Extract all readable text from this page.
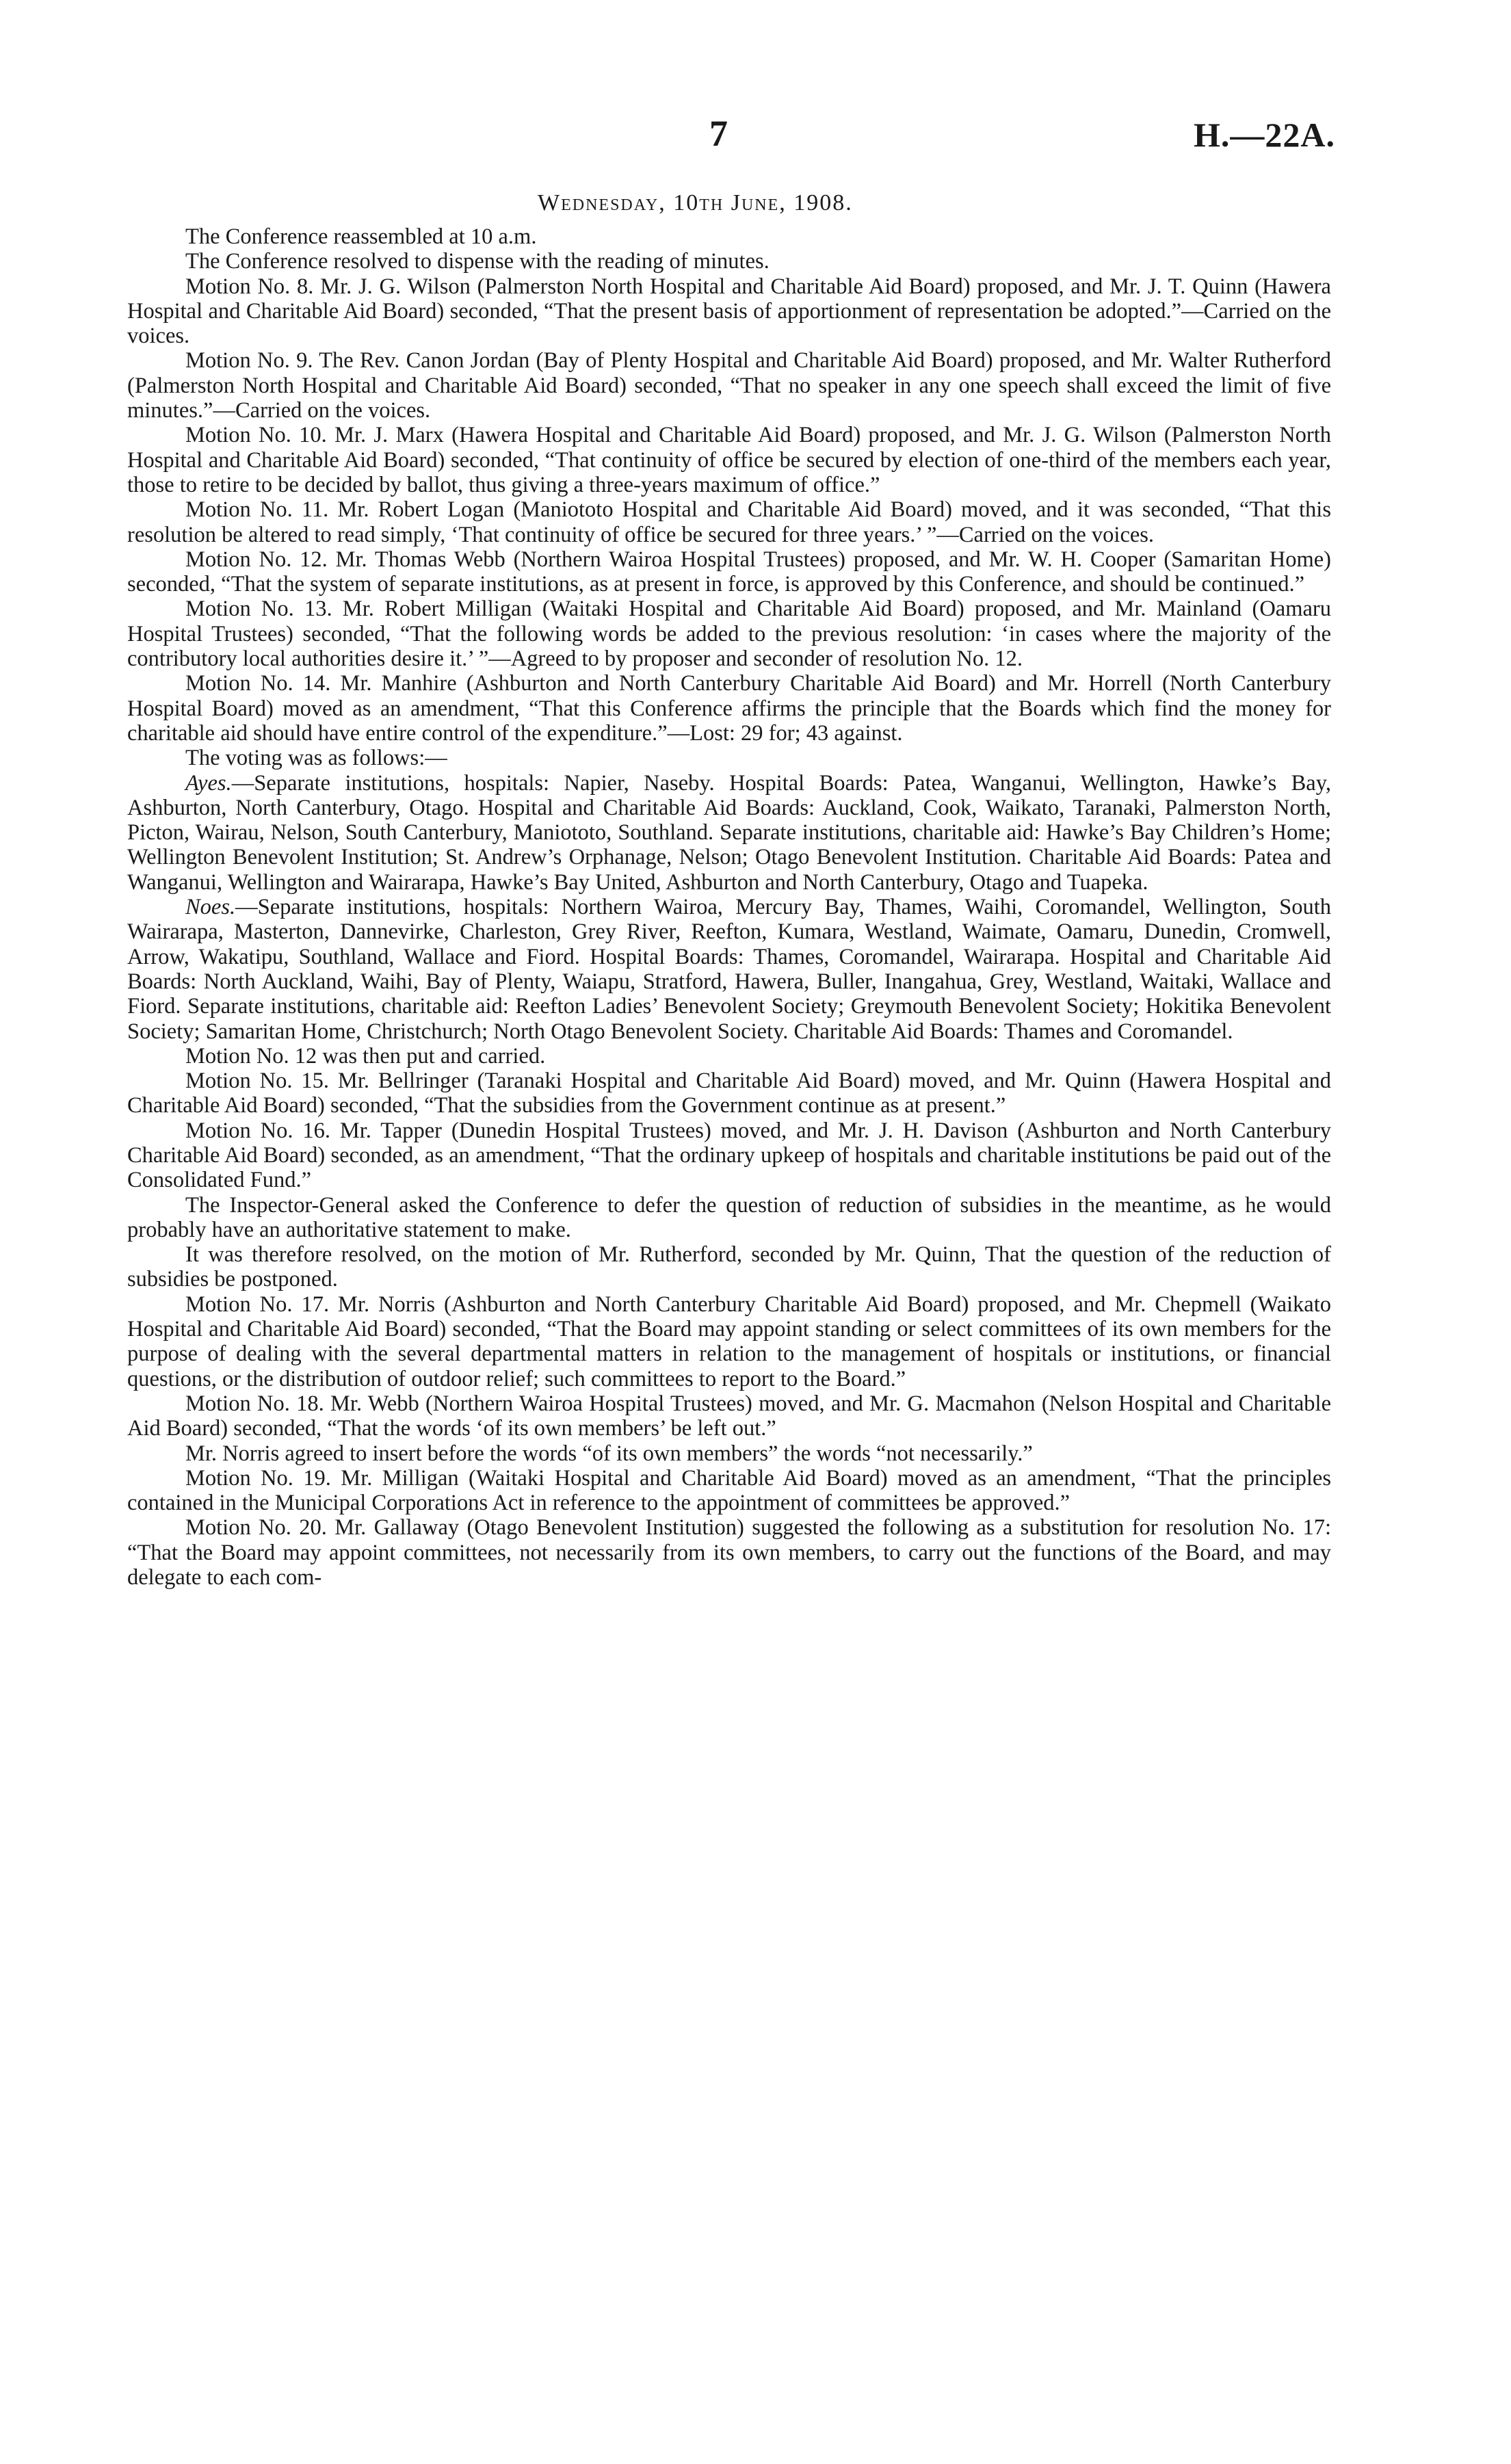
7	H.—22A.
Wednesday, 10th June, 1908.

The Conference reassembled at 10 a.m.

The Conference resolved to dispense with the reading of minutes.

Motion No. 8. Mr. J. G. Wilson (Palmerston North Hospital and Charitable Aid Board) proposed, and Mr. J. T. Quinn (Hawera Hospital and Charitable Aid Board) seconded, “That the present basis of apportionment of representation be adopted.”—Carried on the voices.

Motion No. 9. The Rev. Canon Jordan (Bay of Plenty Hospital and Charitable Aid Board) proposed, and Mr. Walter Rutherford (Palmerston North Hospital and Charitable Aid Board) seconded, “That no speaker in any one speech shall exceed the limit of five minutes.”—Carried on the voices.

Motion No. 10. Mr. J. Marx (Hawera Hospital and Charitable Aid Board) proposed, and Mr. J. G. Wilson (Palmerston North Hospital and Charitable Aid Board) seconded, “That continuity of office be secured by election of one-third of the members each year, those to retire to be decided by ballot, thus giving a three-years maximum of office.”

Motion No. 11. Mr. Robert Logan (Maniototo Hospital and Charitable Aid Board) moved, and it was seconded, “That this resolution be altered to read simply, ‘That continuity of office be secured for three years.’ ”—Carried on the voices.

Motion No. 12. Mr. Thomas Webb (Northern Wairoa Hospital Trustees) proposed, and Mr. W. H. Cooper (Samaritan Home) seconded, “That the system of separate institutions, as at present in force, is approved by this Conference, and should be continued.”

Motion No. 13. Mr. Robert Milligan (Waitaki Hospital and Charitable Aid Board) proposed, and Mr. Mainland (Oamaru Hospital Trustees) seconded, “That the following words be added to the previous resolution: ‘in cases where the majority of the contributory local authorities desire it.’ ”—Agreed to by proposer and seconder of resolution No. 12.

Motion No. 14. Mr. Manhire (Ashburton and North Canterbury Charitable Aid Board) and Mr. Horrell (North Canterbury Hospital Board) moved as an amendment, “That this Conference affirms the principle that the Boards which find the money for charitable aid should have entire control of the expenditure.”—Lost: 29 for; 43 against.

The voting was as follows:—

Ayes.—Separate institutions, hospitals: Napier, Naseby. Hospital Boards: Patea, Wanganui, Wellington, Hawke’s Bay, Ashburton, North Canterbury, Otago. Hospital and Charitable Aid Boards: Auckland, Cook, Waikato, Taranaki, Palmerston North, Picton, Wairau, Nelson, South Canterbury, Maniototo, Southland. Separate institutions, charitable aid: Hawke’s Bay Children’s Home; Wellington Benevolent Institution; St. Andrew’s Orphanage, Nelson; Otago Benevolent Institution. Charitable Aid Boards: Patea and Wanganui, Wellington and Wairarapa, Hawke’s Bay United, Ashburton and North Canterbury, Otago and Tuapeka.

Noes.—Separate institutions, hospitals: Northern Wairoa, Mercury Bay, Thames, Waihi, Coromandel, Wellington, South Wairarapa, Masterton, Dannevirke, Charleston, Grey River, Reefton, Kumara, Westland, Waimate, Oamaru, Dunedin, Cromwell, Arrow, Wakatipu, Southland, Wallace and Fiord. Hospital Boards: Thames, Coromandel, Wairarapa. Hospital and Charitable Aid Boards: North Auckland, Waihi, Bay of Plenty, Waiapu, Stratford, Hawera, Buller, Inangahua, Grey, Westland, Waitaki, Wallace and Fiord. Separate institutions, charitable aid: Reefton Ladies’ Benevolent Society; Greymouth Benevolent Society; Hokitika Benevolent Society; Samaritan Home, Christchurch; North Otago Benevolent Society. Charitable Aid Boards: Thames and Coromandel.

Motion No. 12 was then put and carried.

Motion No. 15. Mr. Bellringer (Taranaki Hospital and Charitable Aid Board) moved, and Mr. Quinn (Hawera Hospital and Charitable Aid Board) seconded, “That the subsidies from the Government continue as at present.”

Motion No. 16. Mr. Tapper (Dunedin Hospital Trustees) moved, and Mr. J. H. Davison (Ashburton and North Canterbury Charitable Aid Board) seconded, as an amendment, “That the ordinary upkeep of hospitals and charitable institutions be paid out of the Consolidated Fund.”

The Inspector-General asked the Conference to defer the question of reduction of subsidies in the meantime, as he would probably have an authoritative statement to make.

It was therefore resolved, on the motion of Mr. Rutherford, seconded by Mr. Quinn, That the question of the reduction of subsidies be postponed.

Motion No. 17. Mr. Norris (Ashburton and North Canterbury Charitable Aid Board) proposed, and Mr. Chepmell (Waikato Hospital and Charitable Aid Board) seconded, “That the Board may appoint standing or select committees of its own members for the purpose of dealing with the several departmental matters in relation to the management of hospitals or institutions, or financial questions, or the distribution of outdoor relief; such committees to report to the Board.”

Motion No. 18. Mr. Webb (Northern Wairoa Hospital Trustees) moved, and Mr. G. Macmahon (Nelson Hospital and Charitable Aid Board) seconded, “That the words ‘of its own members’ be left out.”

Mr. Norris agreed to insert before the words “of its own members” the words “not necessarily.”

Motion No. 19. Mr. Milligan (Waitaki Hospital and Charitable Aid Board) moved as an amendment, “That the principles contained in the Municipal Corporations Act in reference to the appointment of committees be approved.”

Motion No. 20. Mr. Gallaway (Otago Benevolent Institution) suggested the following as a substitution for resolution No. 17: “That the Board may appoint committees, not necessarily from its own members, to carry out the functions of the Board, and may delegate to each com-
